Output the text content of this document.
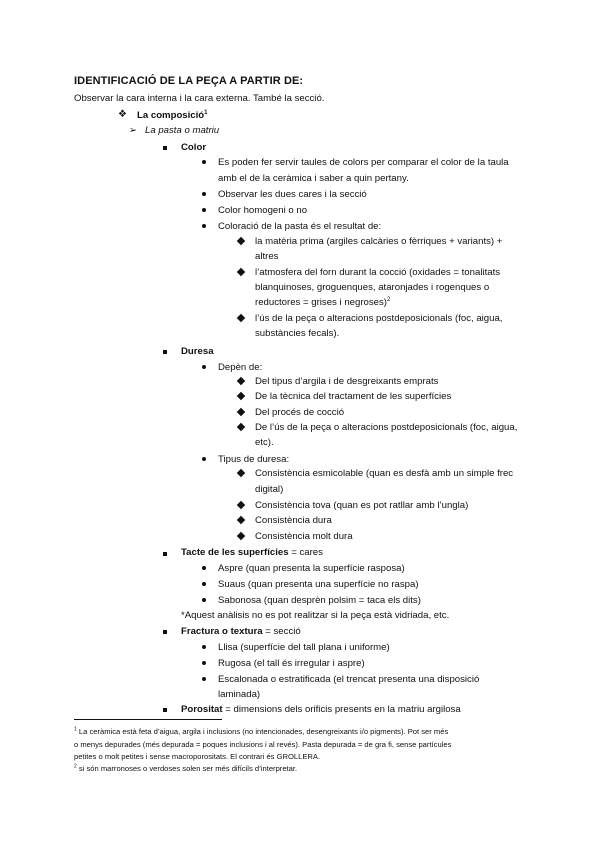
IDENTIFICACIÓ DE LA PEÇA A PARTIR DE:
Observar la cara interna i la cara externa. També la secció.
❖ La composició$^1$
➢ La pasta o matriu
Color
Es poden fer servir taules de colors per comparar el color de la taula
amb el de la ceràmica i saber a quin pertany.
Observar les dues cares i la secció
Color homogeni o no
Coloració de la pasta és el resultat de:
la matèria prima (argiles calcàries o fèrriques + variants) +
altres
l’atmosfera del forn durant la cocció (oxidades = tonalitats
blanquinoses, groguenques, ataronjades i rogenques o
reductores = grises i negroses)$^2$
l’ús de la peça o alteracions postdeposicionals (foc, aigua,
substàncies fecals).
Duresa
Depèn de:
Del tipus d’argila i de desgreixants emprats
De la tècnica del tractament de les superfícies
Del procés de cocció
De l’ús de la peça o alteracions postdeposicionals (foc, aigua,
etc).
Tipus de duresa:
Consistència esmicolable (quan es desfà amb un simple frec
digital)
Consistència tova (quan es pot ratllar amb l’ungla)
Consistència dura
Consistència molt dura
Tacte de les superfícies = cares
Aspre (quan presenta la superfície rasposa)
Suaus (quan presenta una superfície no raspa)
Sabonosa (quan desprèn polsim = taca els dits)
*Aquest anàlisis no es pot realitzar si la peça està vidriada, etc.
Fractura o textura = secció
Llisa (superfície del tall plana i uniforme)
Rugosa (el tall és irregular i aspre)
Escalonada o estratificada (el trencat presenta una disposició
laminada)
Porositat = dimensions dels orificis presents en la matriu argilosa
$^1$ La ceràmica està feta d’aigua, argila i inclusions (no intencionades, desengreixants i/o pigments). Pot ser més
o menys depurades (més depurada = poques inclusions i al revés). Pasta depurada = de gra fi, sense partícules
petites o molt petites i sense macroporositats. El contrari és GROLLERA.
$^2$ si són marronoses o verdoses solen ser més difícils d’interpretar.
